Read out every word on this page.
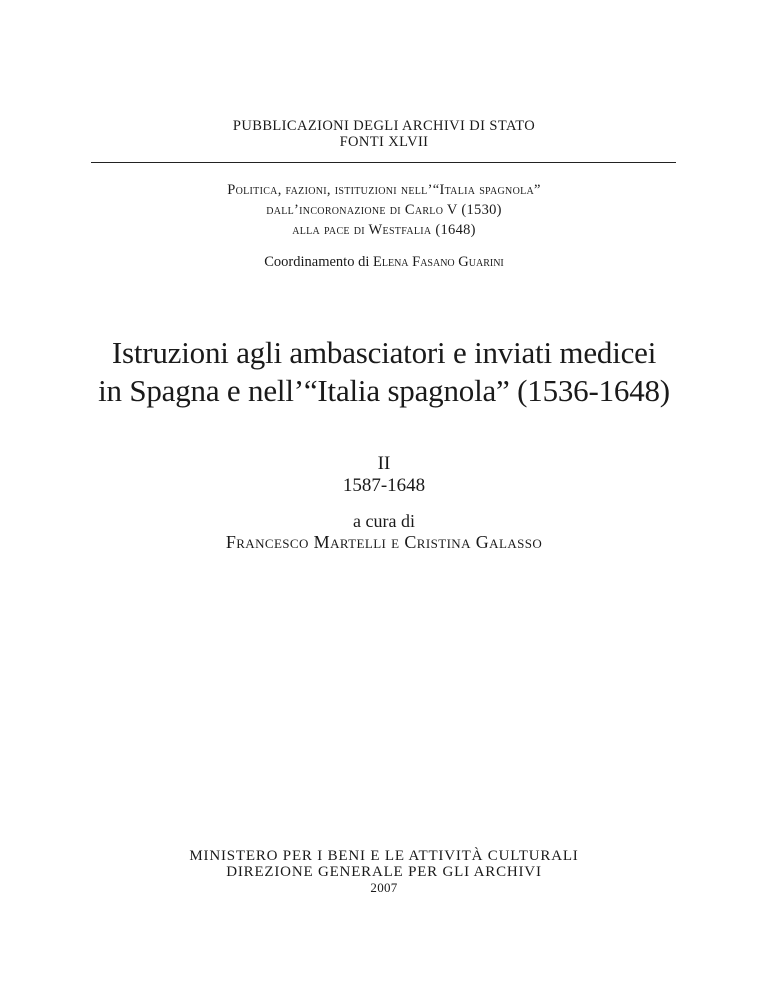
PUBBLICAZIONI DEGLI ARCHIVI DI STATO
FONTI XLVII
Politica, fazioni, istituzioni nell’“Italia spagnola”
dall’incoronazione di Carlo V (1530)
alla pace di Westfalia (1648)
Coordinamento di Elena Fasano Guarini
Istruzioni agli ambasciatori e inviati medicei
in Spagna e nell’“Italia spagnola” (1536-1648)
II
1587-1648
a cura di
Francesco Martelli e Cristina Galasso
MINISTERO PER I BENI E LE ATTIVITÀ CULTURALI
DIREZIONE GENERALE PER GLI ARCHIVI
2007
